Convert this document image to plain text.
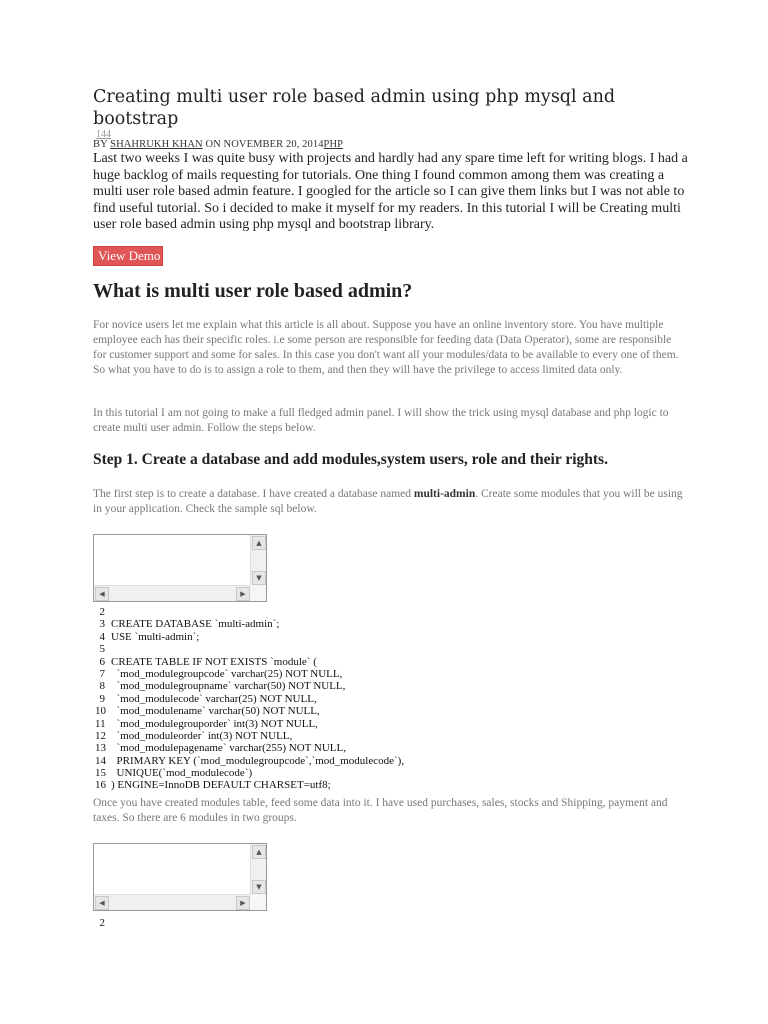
Creating multi user role based admin using php mysql and bootstrap
144
BY SHAHRUKH KHAN ON NOVEMBER 20, 2014PHP

Last two weeks I was quite busy with projects and hardly had any spare time left for writing blogs. I had a huge backlog of mails requesting for tutorials. One thing I found common among them was creating a multi user role based admin feature. I googled for the article so I can give them links but I was not able to find useful tutorial. So i decided to make it myself for my readers. In this tutorial I will be Creating multi user role based admin using php mysql and bootstrap library.

View Demo
What is multi user role based admin?

For novice users let me explain what this article is all about. Suppose you have an online inventory store. You have multiple employee each has their specific roles. i.e some person are responsible for feeding data (Data Operator), some are responsible for customer support and some for sales. In this case you don't want all your modules/data to be available to every one of them. So what you have to do is to assign a role to them, and then they will have the privilege to access limited data only.

In this tutorial I am not going to make a full fledged admin panel. I will show the trick using mysql database and php logic to create multi user admin. Follow the steps below.

Step 1. Create a database and add modules,system users, role and their rights.

The first step is to create a database. I have created a database named multi-admin. Create some modules that you will be using in your application. Check the sample sql below.

▲
▼
◀	▶
2
3 CREATE DATABASE `multi-admin`;
4 USE `multi-admin`;
5
6 CREATE TABLE IF NOT EXISTS `module` (
7  `mod_modulegroupcode` varchar(25) NOT NULL,
8  `mod_modulegroupname` varchar(50) NOT NULL,
9  `mod_modulecode` varchar(25) NOT NULL,
10  `mod_modulename` varchar(50) NOT NULL,
11  `mod_modulegrouporder` int(3) NOT NULL,
12  `mod_moduleorder` int(3) NOT NULL,
13  `mod_modulepagename` varchar(255) NOT NULL,
14  PRIMARY KEY (`mod_modulegroupcode`,`mod_modulecode`),
15  UNIQUE(`mod_modulecode`)
16 ) ENGINE=InnoDB DEFAULT CHARSET=utf8;

Once you have created modules table, feed some data into it. I have used purchases, sales, stocks and Shipping, payment and taxes. So there are 6 modules in two groups.

▲
▼
◀	▶
2
